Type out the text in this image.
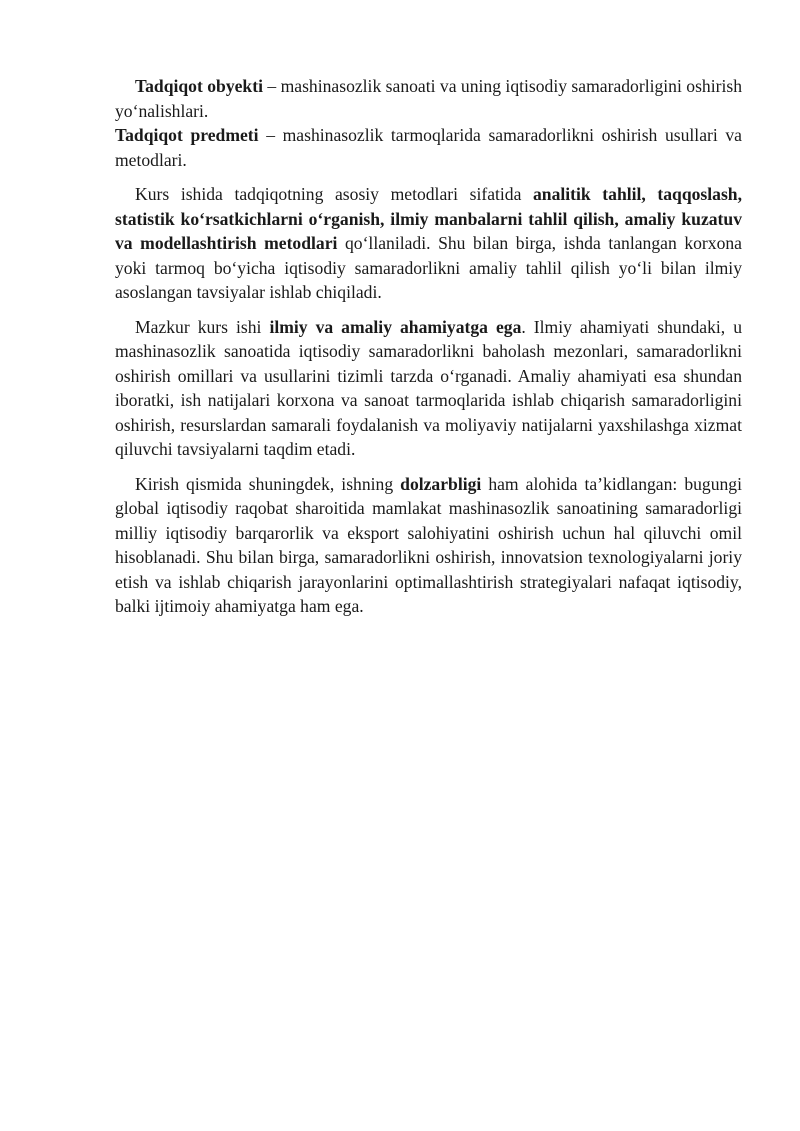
Tadqiqot obyekti – mashinasozlik sanoati va uning iqtisodiy samaradorligini oshirish yo‘nalishlari.

Tadqiqot predmeti – mashinasozlik tarmoqlarida samaradorlikni oshirish usullari va metodlari.

Kurs ishida tadqiqotning asosiy metodlari sifatida analitik tahlil, taqqoslash, statistik ko‘rsatkichlarni o‘rganish, ilmiy manbalarni tahlil qilish, amaliy kuzatuv va modellashtirish metodlari qo‘llaniladi. Shu bilan birga, ishda tanlangan korxona yoki tarmoq bo‘yicha iqtisodiy samaradorlikni amaliy tahlil qilish yo‘li bilan ilmiy asoslangan tavsiyalar ishlab chiqiladi.

Mazkur kurs ishi ilmiy va amaliy ahamiyatga ega. Ilmiy ahamiyati shundaki, u mashinasozlik sanoatida iqtisodiy samaradorlikni baholash mezonlari, samaradorlikni oshirish omillari va usullarini tizimli tarzda o‘rganadi. Amaliy ahamiyati esa shundan iboratki, ish natijalari korxona va sanoat tarmoqlarida ishlab chiqarish samaradorligini oshirish, resurslardan samarali foydalanish va moliyaviy natijalarni yaxshilashga xizmat qiluvchi tavsiyalarni taqdim etadi.

Kirish qismida shuningdek, ishning dolzarbligi ham alohida ta’kidlangan: bugungi global iqtisodiy raqobat sharoitida mamlakat mashinasozlik sanoatining samaradorligi milliy iqtisodiy barqarorlik va eksport salohiyatini oshirish uchun hal qiluvchi omil hisoblanadi. Shu bilan birga, samaradorlikni oshirish, innovatsion texnologiyalarni joriy etish va ishlab chiqarish jarayonlarini optimallashtirish strategiyalari nafaqat iqtisodiy, balki ijtimoiy ahamiyatga ham ega.
